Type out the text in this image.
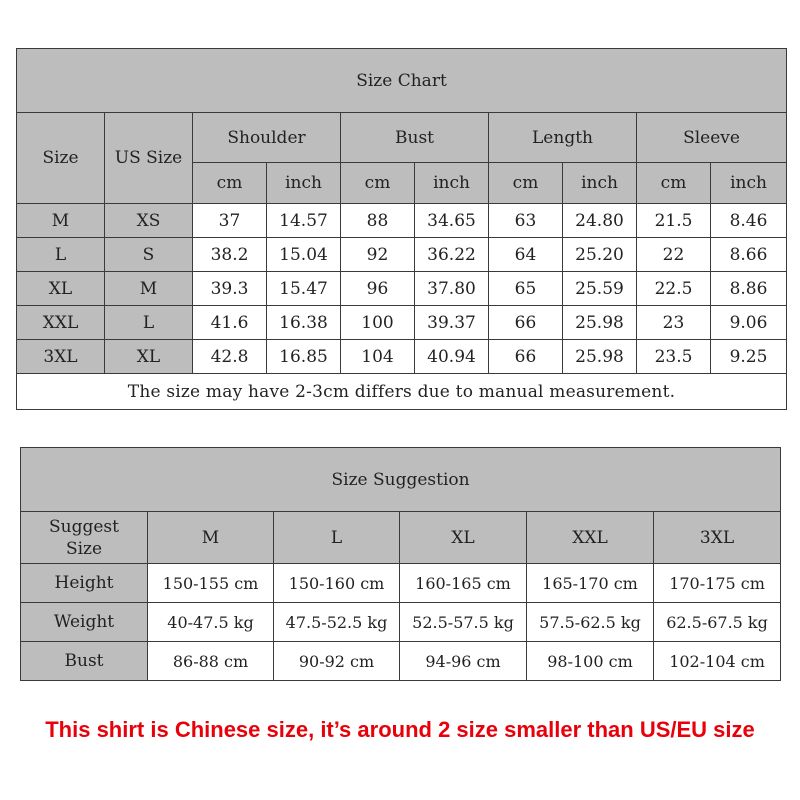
Size Chart									
Size	US Size	Shoulder		Bust		Length		Sleeve	
		cm	inch	cm	inch	cm	inch	cm	inch
M	XS	37	14.57	88	34.65	63	24.80	21.5	8.46
L	S	38.2	15.04	92	36.22	64	25.20	22	8.66
XL	M	39.3	15.47	96	37.80	65	25.59	22.5	8.86
XXL	L	41.6	16.38	100	39.37	66	25.98	23	9.06
3XL	XL	42.8	16.85	104	40.94	66	25.98	23.5	9.25
The size may have 2-3cm differs due to manual measurement.									
Size Suggestion					

Suggest
Size	M	L	XL	XXL	3XL
Height	150-155 cm	150-160 cm	160-165 cm	165-170 cm	170-175 cm
Weight	40-47.5 kg	47.5-52.5 kg	52.5-57.5 kg	57.5-62.5 kg	62.5-67.5 kg
Bust	86-88 cm	90-92 cm	94-96 cm	98-100 cm	102-104 cm
This shirt is Chinese size, it’s around 2 size smaller than US/EU size
